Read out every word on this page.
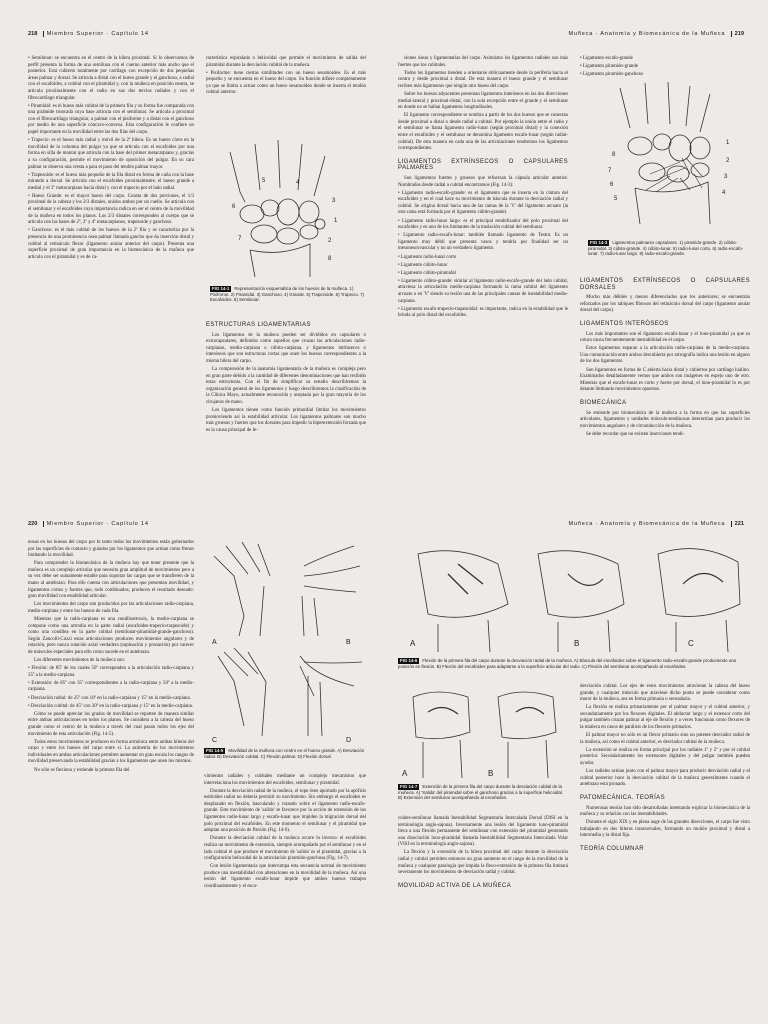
218 Miembro Superior · Capítulo 14

• Semilunar: se encuentra en el centro de la hilera proximal. Si lo observamos de perfil presenta la forma de una semiluna con el cuerno anterior más ancho que el posterior. Está cubierto totalmente por cartílago con excepción de dos pequeñas áreas palmar y dorsal. Se articula a distal con el hueso grande y el ganchoso, a radial con el escafoides, a cubital con el piramidal y, con la muñeca en posición neutra, se articula proximalmente con el radio en sus dos tercios radiales y con el fibrocartílago triangular.

• Piramidal: es el hueso más cubital de la primera fila y su forma fue comparada con una pirámide truncada cuya base articula con el semilunar. Se articula a proximal con el fibrocartílago triangular, a palmar con el pisiforme y a distal con el ganchoso por medio de una superficie cóncavo-convexa. Esta configuración le confiere un papel importante en la movilidad entre las dos filas del carpo.

• Trapecio: es el hueso más radial y móvil de la 2ª hilera. Es un hueso clave en la movilidad de la columna del pulgar ya que se articula con el escafoides por una forma en silla de montar que articula con la base del primer metacarpiano y, gracias a su configuración, permite el movimiento de oposición del pulgar. En su cara palmar se observa una cresta a para el paso del tendón palmar mayor.

• Trapezoide: es el hueso más pequeño de la fila distal en forma de cuña con la base mirando a dorsal. Se articula con el escafoides proximalmente, el hueso grande a medial y el 2º metacarpiano hacia distal y con el trapecio por el lado radial.

• Hueso Grande: es el mayor hueso del carpo. Consta de dos porciones, el 1/3 proximal de la cabeza y los 2/3 distales, unidos ambos por un cuello. Se articula con el semilunar y el escafoides cuya importancia radica en ser el centro de la movilidad de la muñeca en todos los planos. Los 2/3 distales corresponden al cuerpo que se articula con las bases de 2º, 3º y 4º metacarpianos, trapezoide y ganchoso.

• Ganchoso: es el más cubital de los huesos de la 2ª fila y se caracteriza por la presencia de una prominencia ósea palmar llamada gancho que da inserción distal y cubital al retináculo flexor (ligamento anular anterior del carpo). Presenta una superficie proximal de gran importancia en la biomecánica de la muñeca que articula con el piramidal y es de ca-

racterística espiralada o helicoidal que permite el movimiento de salida del piramidal durante la desviación cubital de la muñeca.

• Pisiforme: tiene ciertas similitudes con un hueso sesamoideo. Es el más pequeño y se encuentra en el hueso del carpo. Su función difiere completamente ya que se limita a actuar como un hueso sesamoideo donde se inserta el tendón cubital anterior.

1
2
3
4
5
6
7
8
FIG 14-1 Representación esquemática de los huesos de la muñeca. 1) Pisiforme. 2) Piramidal. 3) Ganchoso. 4) Grande. 5) Trapezoide. 6) Trapecio. 7) Escafoides. 8) Semilunar.

ESTRUCTURAS LIGAMENTARIAS

Los ligamentos de la muñeca pueden ser divididos en capsulares o extracapsulares, definidos como aquellos que cruzan las articulaciones radio-carpianas, medio-carpiana o cúbito-carpiana, y ligamentos intrínsecos o interóseos que son estructuras cortas que unen los huesos correspondientes a la misma hilera del carpo.

La comprensión de la anatomía ligamentaria de la muñeca es compleja pero en gran parte debido a la cantidad de diferentes denominaciones que han recibido estas estructuras. Con el fin de simplificar su estudio describiremos la organización general de los ligamentos y luego describiremos la clasificación de la Clínica Mayo, actualmente reconocida y aceptada por la gran mayoría de los cirujanos de mano.

Los ligamentos tienen como función primordial limitar los movimientos promoviendo así la estabilidad articular. Los ligamentos palmares son mucho más gruesos y fuertes que los dorsales para impedir la hiperextensión forzada que es la causa principal de le-

Muñeca · Anatomía y Biomecánica de la Muñeca 219

siones óseas y ligamentarias del carpo. Asimismo los ligamentos radiales son más fuertes que los cubitales.

Todos los ligamentos tienden a orientarse oblicuamente desde la periferia hacia el centro y desde proximal a distal. De esta manera el hueso grande y el semilunar reciben más ligamentos que ningún otro hueso del carpo.

Sobre los huesos adyacentes presentan ligamentos interóseos en las dos direcciones medial-lateral y proximal-distal, con la sola excepción entre el grande y el semilunar en donde no se hallan ligamentos longitudinales.

El ligamento correspondiente se nombra a partir de los dos huesos que se conectan desde proximal a distal o desde radial a cubital. Por ejemplo la unión entre el radio y el semilunar se llama ligamento radio-lunar (según proximal distal) y la conexión entre el escafoides y el semilunar se denomina ligamento escafo-lunar (según radial-cubital). De esta manera en cada una de las articulaciones tendremos los ligamentos correspondientes.

LIGAMENTOS EXTRÍNSECOS O CAPSULARES PALMARES

Son ligamentos fuertes y gruesos que refuerzan la cápsula articular anterior. Nombrados desde radial a cubital encontramos (Fig. 14-3):

• Ligamento radio-escafo-grande: es el ligamento que se inserta en la cintura del escafoides y en el cual hace su movimiento de báscula durante la desviación radial y cubital. Se origina dorsal hacia una de las ramas de la 'V' del ligamento arcuato (la otra rama está formada por el ligamento cúbito-grande).

• Ligamento radio-lunar largo: es el principal estabilizador del polo proximal del escafoides y es uno de los limitantes de la traslación cubital del semilunar.

• Ligamento radio-escafo-lunar: también llamado ligamento de Testut. Es un ligamento muy débil que presenta vasos y tendría por finalidad ser un mesoneurovascular y no un verdadero ligamento.

• Ligamento radio-lunar corto

• Ligamento cúbito-lunar

• Ligamento cúbito-piramidal

• Ligamento cúbito-grande: similar al ligamento radio-escafo-grande del lado cubital, atraviesa la articulación medio-carpiana formando la rama cubital del ligamento arcuato o en 'V' siendo su lesión una de las principales causas de inestabilidad medio-carpiana.

• Ligamento escafo-trapecio-trapezoidal: es importante, radica en la estabilidad que le brinda al polo distal del escafoides.

• Ligamento escafo-grande

• Ligamento piramido-grande

• Ligamento piramido-ganchoso

1
2
3
4
5
6
7
8
FIG 14-3 Ligamentos palmares capsulares. 1) piramido-grande. 2) cúbito-piramidal. 3) cúbito-grande. 4) cúbito-lunar. 5) radio-lunar corto. 6) radio-escafo-lunar. 7) radio-lunar largo. 8) radio-escafo-grande.

LIGAMENTOS EXTRÍNSECOS O CAPSULARES DORSALES

Mucho más débiles y menos diferenciados que los anteriores; se encuentran reforzados por los tabiques fibrosos del retináculo dorsal del carpo (ligamento anular dorsal del carpo).

LIGAMENTOS INTERÓSEOS

Los más importantes son el ligamento escafo-lunar y el luno-piramidal ya que su rotura causa frecuentemente inestabilidad en el carpo.

Estos ligamentos separan a la articulación radio-carpiana de la medio-carpiana. Una comunicación entre ambos descubierta por artrografía indica una lesión en alguno de los dos ligamentos.

Son ligamentos en forma de C abierta hacia distal y cubiertos por cartílago hialino. Examinados detalladamente vemos que ambos son imágenes en espejo uno de otro. Mientras que el escafo-lunar es corto y fuerte por dorsal, el luno-piramidal lo es por delante limitando movimientos opuestos.

BIOMECÁNICA

Se entiende por biomecánica de la muñeca a la forma en que las superficies articulares, ligamentos y unidades músculo-tendinosas interactúan para producir los movimientos angulares y de circunducción de la muñeca.

Se debe recordar que no existen inserciones tendi-

220 Miembro Superior · Capítulo 14

nosas en los huesos del carpo por lo tanto todos los movimientos están gobernados por las superficies de contacto y guiados por los ligamentos que actúan como frenos limitando la movilidad.

Para comprender la biomecánica de la muñeca hay que tener presente que la muñeca es un complejo articular que necesita gran amplitud de movimientos pero a su vez debe ser sumamente estable para soportar las cargas que se transfieren de la mano al antebrazo. Para ello cuenta con articulaciones que presentan movilidad, y ligamentos cortos y fuertes que, todo combinados, producen el resultado deseado: gran movilidad con estabilidad articular.

Los movimientos del carpo son producidos por las articulaciones radio-carpiana, medio-carpiana y entre los huesos de cada fila.

Mientras que la radio-carpiana es una condiloartrosis, la medio-carpiana se compone como una artrodia en la parte radial (escafoides-trapecio-trapezoide) y como una condílea en la parte cubital (semilunar-piramidal-grande-ganchoso). Según Zancolli-Cozzi estas articulaciones producen movimientos angulares y de rotación, pero nunca rotación axial verdadera (supinación y pronación) por carecer de músculos especiales para ello como sucede en el antebrazo.

Los diferentes movimientos de la muñeca son:

• Flexión: de 85º de los cuales 50º corresponden a la articulación radio-carpiana y 35º a la medio-carpiana.

• Extensión: de 85º con 35º correspondientes a la radio-carpiana y 50º a la medio-carpiana.

• Desviación radial: de 25º con 10º en la radio-carpiana y 15º en la medio-carpiana.

• Desviación cubital: de 45º con 30º en la radio-carpiana y 15º en la medio-carpiana.

Cómo se puede apreciar los grados de movilidad se reparten de manera similar entre ambas articulaciones en todos los planos. Se considera a la cabeza del hueso grande como el centro de la muñeca a través del cual pasan todos los ejes del movimiento de esta articulación (Fig. 14-5).

Todos estos movimientos se producen en forma armónica entre ambas hileras del carpo y entre los huesos del carpo entre sí. La asimetría de los movimientos individuales en ambas articulaciones permiten aumentar en gran escala los rangos de movilidad preservando la estabilidad gracias a los ligamentos que unen los mismos.

No sólo se flexiona y extiende la primera fila del

A	B
C	D
FIG 14-5 Movilidad de la muñeca con centro en el hueso grande. A) Desviación radial. B) Desviación cubital. C) Flexión palmar. D) Flexión dorsal.

vimientos radiales y cubitales mediante un complejo mecanismo que interrelaciona los movimientos del escafoides, semilunar y piramidal.

Durante la desviación radial de la muñeca, el tope óseo aportado por la apófisis estiloides radial no debería permitir su movimiento. Sin embargo el escafoides es desplazado en flexión, basculando y rotando sobre el ligamento radio-escafo-grande. Este movimiento de 'salida' se favorece por la acción de extensión de los ligamentos radio-lunar largo y escafo-lunar que impiden la migración dorsal del polo proximal del escafoides. En este momento el semilunar y el piramidal que adoptan una posición de flexión (Fig. 14-6).

Durante la desviación cubital de la muñeca ocurre lo inverso: el escafoides realiza un movimiento de extensión, siempre acompañado por el semilunar y en el lado cubital el que produce el movimiento de 'salida' es el piramidal, gracias a la configuración helicoidal de la articulación piramido-ganchosa (Fig. 14-7).

Con lesión ligamentaria que interrumpa esta secuencia normal de movimiento produce una inestabilidad con alteraciones en la movilidad de la muñeca. Así una lesión del ligamento escafo-lunar impide que ambos huesos trabajen coordinadamente y el esca-

Muñeca · Anatomía y Biomecánica de la Muñeca 221
A	B	C
FIG 14-6 Flexión de la primera fila del carpo durante la desviación radial de la muñeca. A) Báscula del escafoides sobre el ligamento radio-escafo-grande produciendo una posición en flexión. B) Flexión del escafoides para adaptarse a la superficie articular del radio. C) Flexión del semilunar acompañando al escafoides.
A	B
FIG 14-7 Extensión de la primera fila del carpo durante la desviación cubital de la muñeca. A) 'Salida' del piramidal sobre el ganchoso gracias a la superficie helicoidal. B) Extensión del semilunar acompañando al escafoides.

coides-semilunar llamada Inestabilidad Segmentaria Intercalada Dorsal (DISI en la terminología anglo-sajona). Inversamente una lesión del ligamento luno-piramidal lleva a una flexión permanente del semilunar con extensión del piramidal generando una disociación luno-piramidal llamada Inestabilidad Segmentaria Intercalada Volar (VISI en la terminología anglo-sajona).

La flexión y la extensión de la hilera proximal del carpo durante la desviación radial y cubital permiten entonces un gran aumento en el rango de la movilidad de la muñeca y cualquier patología que impida la flexo-extensión de la primera fila limitará severamente los movimientos de desviación radial y cubital.

MOVILIDAD ACTIVA DE LA MUÑECA

desviación cubital. Los ejes de estos movimientos atraviesan la cabeza del hueso grande, y cualquier músculo que atraviese dicho punto se puede considerar como motor de la muñeca, sea en forma primaria o secundaria.

La flexión se realiza primariamente por el palmar mayor y el cubital anterior, y secundariamente por los flexores digitales. El abductor largo y el extensor corto del pulgar también cruzan palmar al eje de flexión y a veces funcionan como flexores de la muñeca en casos de parálisis de los flexores primarios.

El palmar mayor no sólo es un flexor primario sino un potente desviador radial de la muñeca, así como el cubital anterior, es desviador cubital de la muñeca.

La extensión se realiza en forma principal por los radiales 1º y 2º y por el cubital posterior. Secundariamente los extensores digitales y del pulgar también pueden ayudar.

Los radiales actúan junto con el palmar mayor para producir desviación radial y el cubital posterior hace la desviación cubital de la muñeca generalmente cuando el antebrazo está pronado.

PATOMECÁNICA. TEORÍAS

Numerosas teorías han sido desarrolladas intentando explicar la biomecánica de la muñeca y su relación con las inestabilidades.

Durante el siglo XIX y en plena auge de las grandes disecciones, el carpo fue visto trabajando en dos hileras transversales, formando un muñón proximal y distal a intermedia y la distal fija.

TEORÍA COLUMNAR
